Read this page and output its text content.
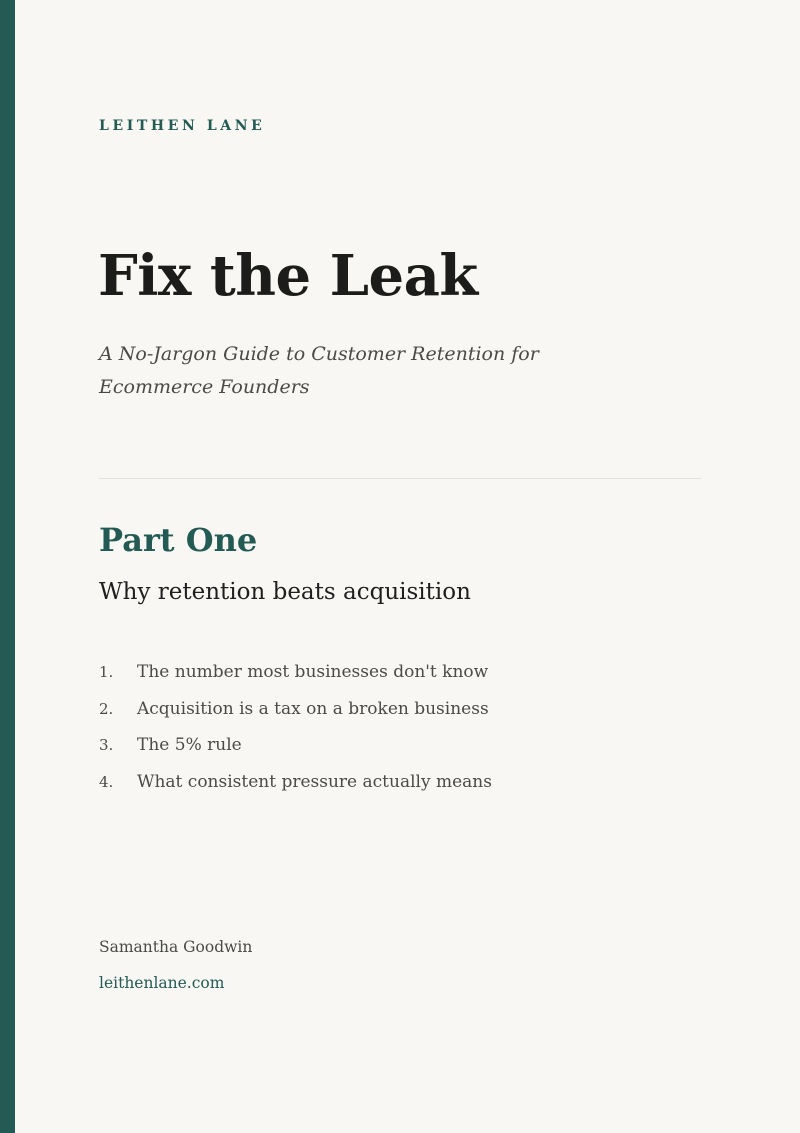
LEITHEN LANE
Fix the Leak

A No-Jargon Guide to Customer Retention for Ecommerce Founders

Part One
Why retention beats acquisition
1.	The number most businesses don't know
2.	Acquisition is a tax on a broken business
3.	The 5% rule
4.	What consistent pressure actually means
Samantha Goodwin
leithenlane.com
